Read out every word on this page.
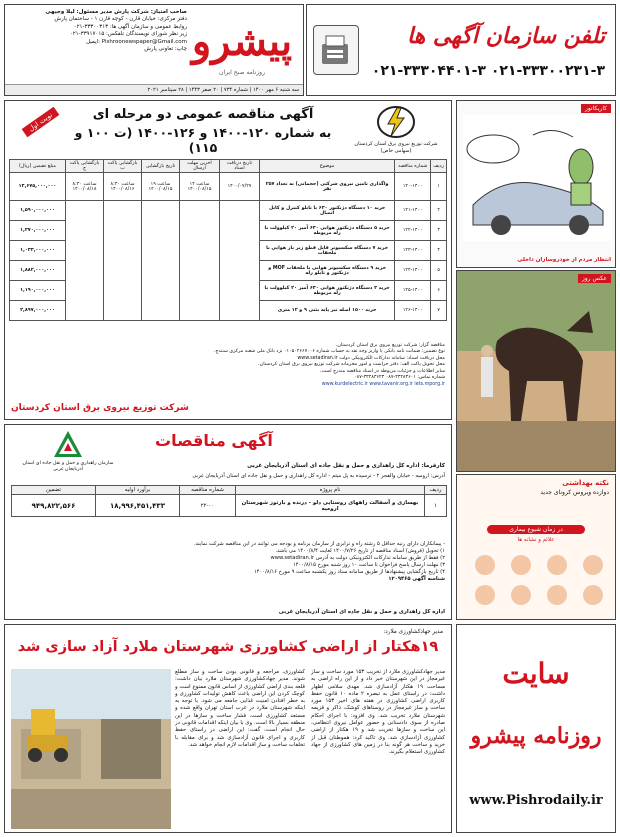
پیشرو
روزنامه صبح ایران
صاحب امتیاز: شرکت پارش مدیر مسئول: لیلا وجیهی
دفتر مرکزی: خیابان قارن - کوچه قارن ۱ - ساختمان پارش
روابط عمومی و سازمان آگهی ها: ۳۳۳۰۰۳۱۳-۰۲۱
زیر نظر شورای نویسندگان تلفکس: ۳۳۹۱۷۰۱۵-۰۲۱
ایمیل: Pishroonewspaper@Gmail.com
چاپ: تعاونی پارش
سه شنبه ۶ مهر ۱۴۰۰ | شماره ۷۳۴ | ۲۰ صفر ۱۴۴۳ | ۲۸ سپتامبر ۲۰۲۱
تلفن سازمان آگهی ها
۰۲۱-۳۳۳۰۰۲۳۱-۳ ۰۲۱-۳۳۳۰۴۴۰۱-۳
نوبت اول	آگهی مناقصه عمومی دو مرحله ای
به شماره ۱۲۰-۱۴۰۰ و ۱۲۶-۱۴۰۰ (ت ۱۰۰ و ۱۱۵)	شرکت توزیع نیروی برق استان کردستان (سهامی خاص)
ردیف	شماره مناقصه	موضوع	تاریخ دریافت اسناد	آخرین مهلت ارسال	تاریخ بازگشایی	بازگشایی پاکت ب	بازگشایی پاکت ج	مبلغ تضمین (ریال)
۱	۱۲۰-۱۴۰۰	واگذاری تامین نیروی شرکتی (حجمانی) به تعداد ۲۵۷ نفر	۱۴۰۰/۰۷/۲۷	ساعت ۱۴ ۱۴۰۰/۰۸/۱۵	ساعت ۱۹ ۱۴۰۰/۰۸/۱۵	ساعت ۸:۳۰ ۱۴۰۰/۰۸/۱۶	ساعت ۸:۳۰ ۱۴۰۰/۰۸/۱۸	۱۴,۶۷۵,۰۰۰,۰۰۰
۲	۱۲۱-۱۴۰۰	خرید ۱۰ دستگاه دژنکتور ۶۳۰ با تابلو کنترل و کابل اتصال						۱,۵۹۰,۰۰۰,۰۰۰
۳	۱۲۲-۱۴۰۰	خرید ۵ دستگاه دژنکتور هوایی ۶۳۰ آمپر ۲۰ کیلوولت با رله مربوطه						۱,۴۷۰,۰۰۰,۰۰۰
۴	۱۲۳-۱۴۰۰	خرید ۷ دستگاه سکسیونر قابل قطع زیر بار هوایی با ملحقات						۱,۰۳۳,۰۰۰,۰۰۰
۵	۱۲۴-۱۴۰۰	خرید ۹ دستگاه سکسیونر هوایی با ملحقات MOF و دژنکتور و تابلو رله						۱,۸۸۲,۰۰۰,۰۰۰
۶	۱۲۵-۱۴۰۰	خرید ۴ دستگاه دژنکتور هوایی ۶۳۰ آمپر ۲۰ کیلوولت با رله مربوطه						۱,۱۹۰,۰۰۰,۰۰۰
۷	۱۲۶-۱۴۰۰	خرید ۱۵۰۰ اصله تیر پایه بتنی ۹ و ۱۲ متری						۲,۸۹۷,۰۰۰,۰۰۰
مناقصه گزار: شرکت توزیع نیروی برق استان کردستان.
نوع تضمین: ضمانت نامه بانکی یا واریز وجه نقد به حساب شماره ۰۱۰۵۰۲۶۶۷۰۰۶ نزد بانک ملی شعبه مرکزی سنندج.
محل دریافت اسناد: سامانه تدارکات الکترونیکی دولت www.setadiran.ir
محل تحویل پاکت الف: دفتر حراست و امور محرمانه شرکت توزیع نیروی برق استان کردستان.
سایر اطلاعات و جزئیات مربوطه در اسناد مناقصه مندرج است.
شماره تماس: ۳۳۲۸۳۶۰۱-۰۸۷ ۳۳۲۸۳۶۲۳-۰۸۷
www.kurdelectric.ir www.tavanir.org.ir iets.mporg.ir
شرکت توزیع نیروی برق استان کردستان
کاریکاتور
انتظار مردم از خودروسازان داخلی
عکس روز
آگهی مناقصات
سازمان راهداری و حمل و نقل جاده ای استان آذربایجان غربی
کارفرما: اداره کل راهداری و حمل و نقل جاده ای استان آذربایجان غربی
آدرس: ارومیه - خیابان والفجر ۲ - ترسیده به پل میثم - اداره کل راهداری و حمل و نقل جاده ای استان آذربایجان غربی
ردیف	نام پروژه	شماره مناقصه	برآورد اولیه	تضمین
۱	بهسازی و آسفالت راههای روستایی دلو - درنده و بارتوز شهرستان ارومیه	۲۲-۰۰	۱۸,۹۹۶,۴۵۱,۴۳۳	۹۴۹,۸۲۲,۵۶۶
- پیمانکاران دارای رتبه حداقل ۵ رشته راه و ترابری از سازمان برنامه و بودجه می توانند در این مناقصه شرکت نمایند.
۱) تحویل (فروش) اسناد مناقصه از تاریخ ۱۴۰۰/۷/۲۶ لغایت ۱۴۰۰/۸/۴ می باشد.
۲) فقط از طریق سامانه تدارکات الکترونیکی دولت به آدرس www.setadiran.ir
۳) مهلت ارسال پاسخ فراخوان تا ساعت ۱۰ روز شنبه مورخ ۱۴۰۰/۸/۱۵
۴) تاریخ بازگشایی پیشنهادها از طریق سامانه ستاد روز یکشنبه ساعت ۹ مورخ ۱۴۰۰/۸/۱۶
شناسه آگهی ۱۲۰۹۴۶۵
اداره کل راهداری و حمل و نقل جاده ای استان آذربایجان غربی
نکته بهداشتی
دوازده ویروس کرونای جدید
در زمان شیوع بیماری
علائم و نشانه ها
مدیر جهادکشاورزی ملارد:
۱۹هکتار از اراضی کشاورزی شهرستان ملارد آزاد سازی شد
مدیر جهادکشاورزی ملارد از تخریب ۱۵۳ مورد ساخت و ساز غیرمجاز در این شهرستان خبر داد و از این راه اراضی به مساحت ۱۹ هکتار آزادسازی شد. مهدی سلامی اظهار داشت: در راستای عمل به تبصره ۲ ماده ۱۰ قانون حفظ کاربری اراضی کشاورزی در هفته های اخیر ۱۵۳ مورد ساخت و ساز غیرمجاز در روستاهای کوشک، ذاکر و قزیمه شهرستان ملارد تخریب شد. وی افزود: با اجرای احکام صادره از سوی دادستانی و حضور عوامل نیروی انتظامی، این ساخت و سازها تخریب شد و ۱۹ هکتار از اراضی کشاورزی آزادسازی شد. وی تاکید کرد: هموطنان قبل از خرید و ساخت هر گونه بنا در زمین های کشاورزی از جهاد کشاورزی استعلام بگیرند.
کشاورزی، مراجعه و قانونی بودن ساخت و ساز مطلع شوند. مدیر جهادکشاورزی شهرستان ملارد بیان داشت: قلعه بندی اراضی کشاورزی از اساس قانون ممنوع است و کوچک کردن این اراضی باعث کاهش تولیدات کشاورزی و به خطر افتادن امنیت غذایی جامعه می شود. با توجه به اینکه شهرستان ملارد در غرب استان تهران واقع شده و مستعد کشاورزی است، فشار ساخت و سازها در این منطقه بسیار بالا است. وی با بیان اینکه اقدامات قانونی در حال انجام است، گفت: این اراضی در راستای حفظ کاربری و اجرای قانون آزادسازی شد و برای مقابله با تخلفات ساخت و ساز اقدامات لازم انجام خواهد شد.
سایت
روزنامه پیشرو
www.Pishrodaily.ir
